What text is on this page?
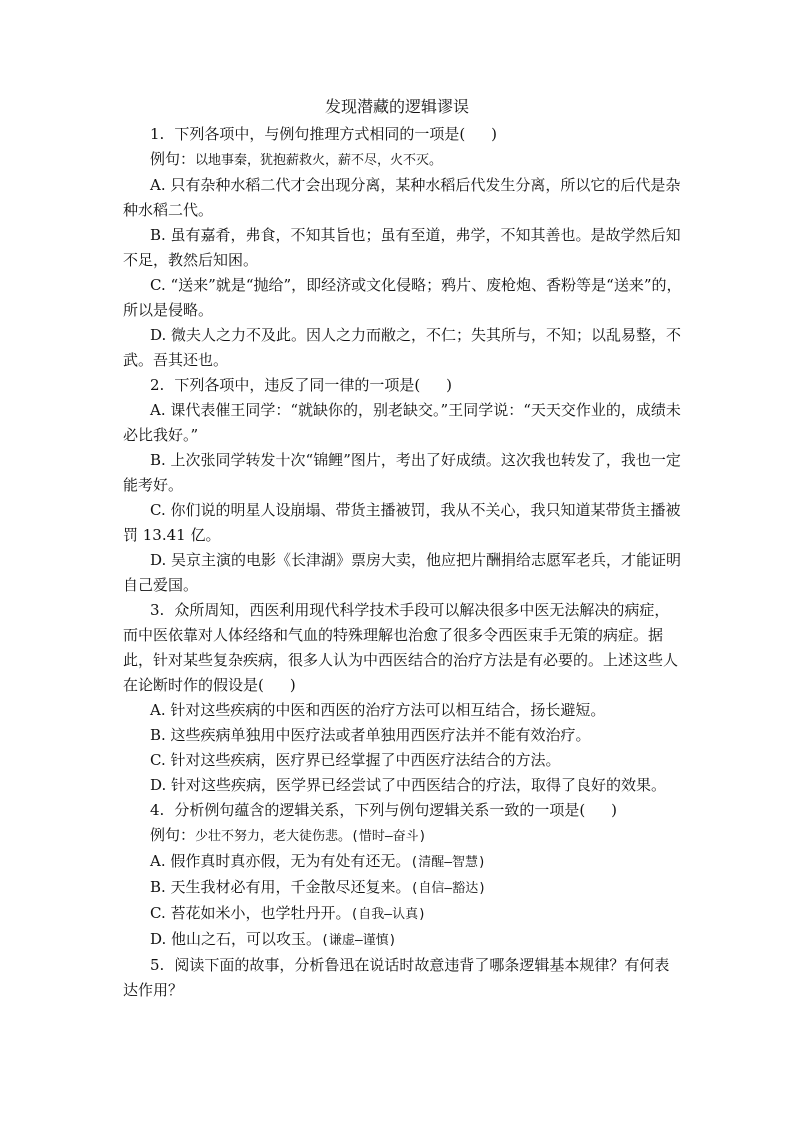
发现潜藏的逻辑谬误

1. 下列各项中，与例句推理方式相同的一项是( )

例句：以地事秦，犹抱薪救火，薪不尽，火不灭。

A. 只有杂种水稻二代才会出现分离，某种水稻后代发生分离，所以它的后代是杂种水稻二代。

B. 虽有嘉肴，弗食，不知其旨也；虽有至道，弗学，不知其善也。是故学然后知不足，教然后知困。

C. “送来”就是“抛给”，即经济或文化侵略；鸦片、废枪炮、香粉等是“送来”的，所以是侵略。

D. 微夫人之力不及此。因人之力而敝之，不仁；失其所与，不知；以乱易整，不武。吾其还也。

2. 下列各项中，违反了同一律的一项是( )

A. 课代表催王同学：“就缺你的，别老缺交。”王同学说：“天天交作业的，成绩未必比我好。”

B. 上次张同学转发十次“锦鲤”图片，考出了好成绩。这次我也转发了，我也一定能考好。

C. 你们说的明星人设崩塌、带货主播被罚，我从不关心，我只知道某带货主播被罚 13.41 亿。

D. 吴京主演的电影《长津湖》票房大卖，他应把片酬捐给志愿军老兵，才能证明自己爱国。

3. 众所周知，西医利用现代科学技术手段可以解决很多中医无法解决的病症，而中医依靠对人体经络和气血的特殊理解也治愈了很多令西医束手无策的病症。据此，针对某些复杂疾病，很多人认为中西医结合的治疗方法是有必要的。上述这些人在论断时作的假设是( )

A. 针对这些疾病的中医和西医的治疗方法可以相互结合，扬长避短。

B. 这些疾病单独用中医疗法或者单独用西医疗法并不能有效治疗。

C. 针对这些疾病，医疗界已经掌握了中西医疗法结合的方法。

D. 针对这些疾病，医学界已经尝试了中西医结合的疗法，取得了良好的效果。

4. 分析例句蕴含的逻辑关系，下列与例句逻辑关系一致的一项是( )

例句：少壮不努力，老大徒伤悲。(惜时—奋斗)

A. 假作真时真亦假，无为有处有还无。(清醒—智慧)

B. 天生我材必有用，千金散尽还复来。(自信—豁达)

C. 苔花如米小，也学牡丹开。(自我—认真)

D. 他山之石，可以攻玉。(谦虚—谨慎)

5. 阅读下面的故事，分析鲁迅在说话时故意违背了哪条逻辑基本规律？有何表达作用？
